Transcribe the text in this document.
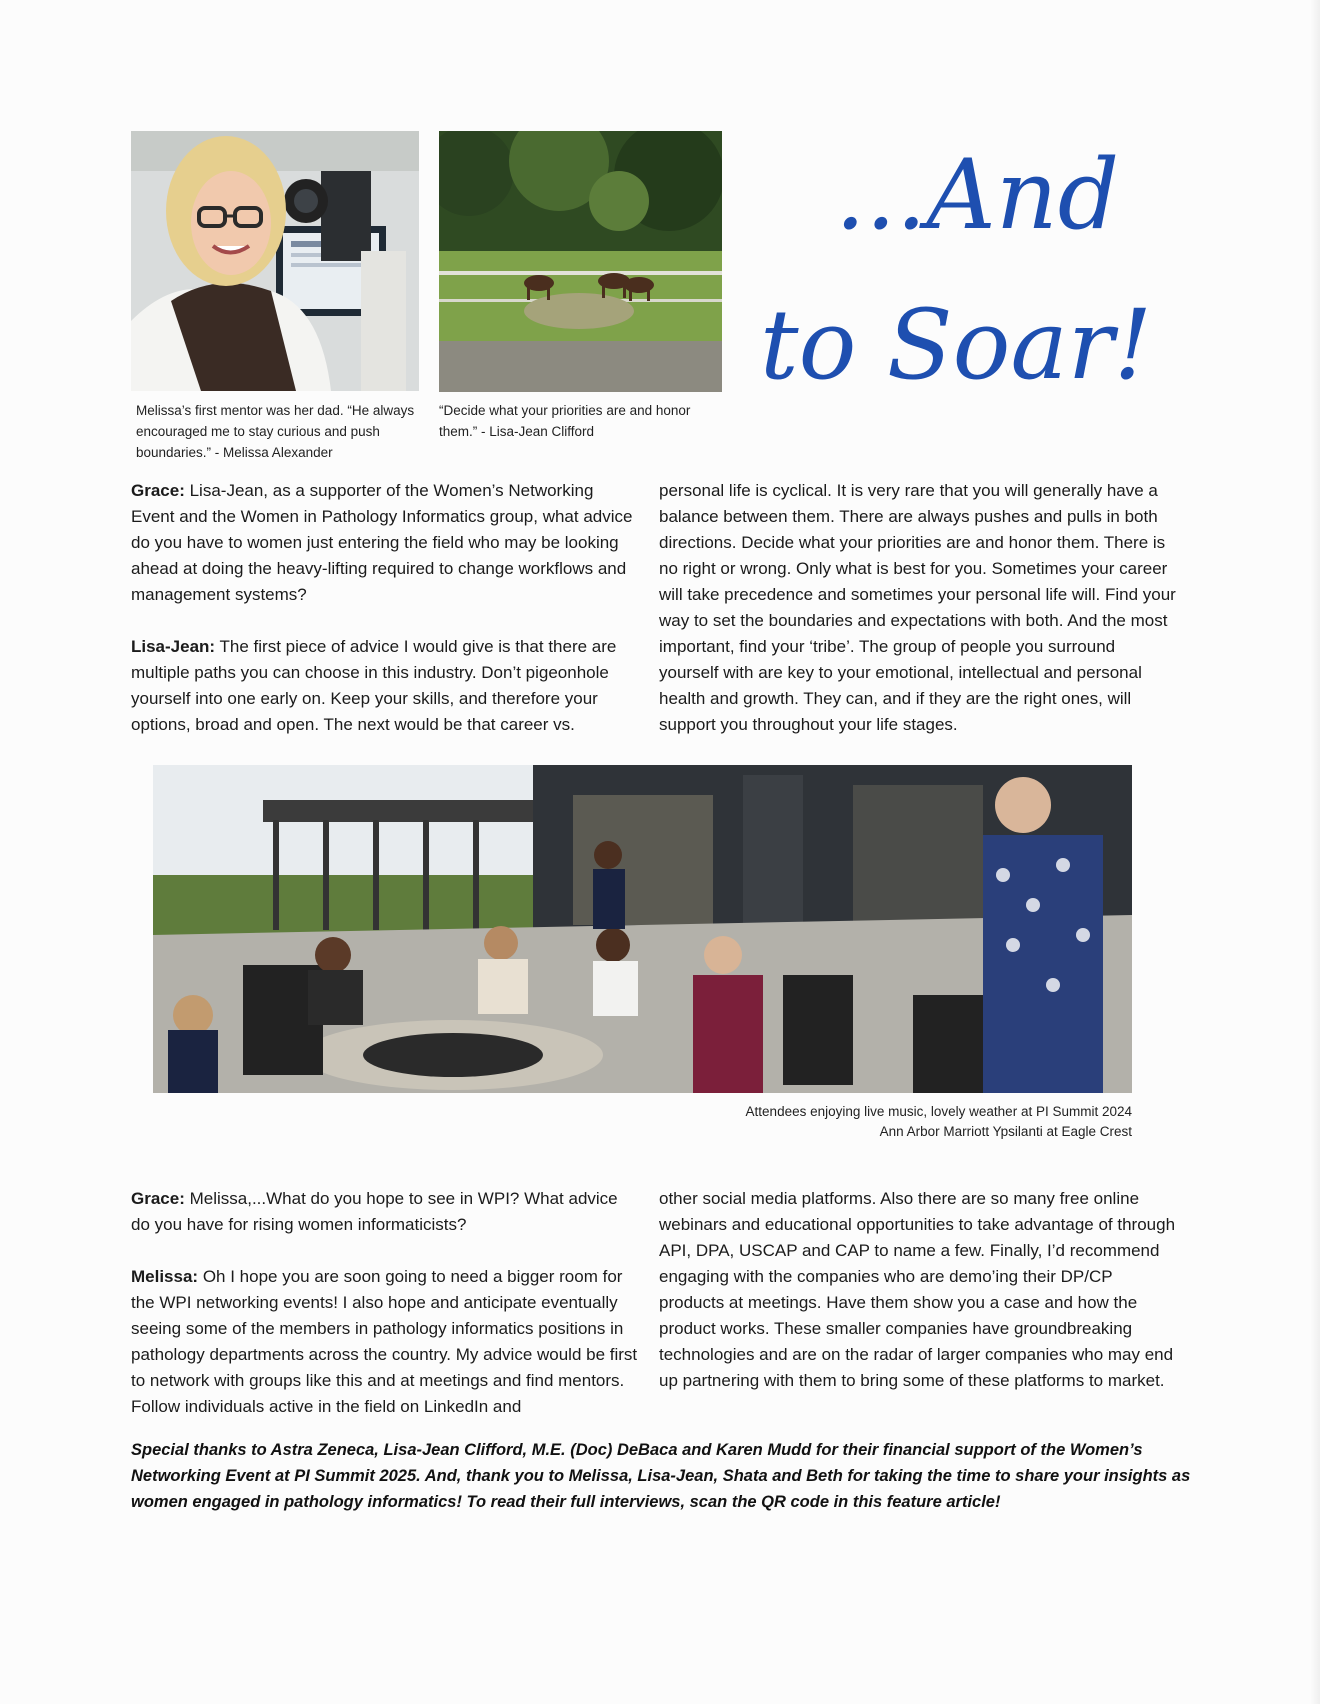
Melissa’s first mentor was her dad. “He always encouraged me to stay curious and push boundaries.” - Melissa Alexander
“Decide what your priorities are and honor them.” - Lisa-Jean Clifford
...And
to Soar!

Grace: Lisa-Jean, as a supporter of the Women’s Networking Event and the Women in Pathology Informatics group, what advice do you have to women just entering the field who may be looking ahead at doing the heavy-lifting required to change workflows and management systems?

Lisa-Jean: The first piece of advice I would give is that there are multiple paths you can choose in this industry. Don’t pigeonhole yourself into one early on. Keep your skills, and therefore your options, broad and open. The next would be that career vs.

personal life is cyclical. It is very rare that you will generally have a balance between them. There are always pushes and pulls in both directions. Decide what your priorities are and honor them. There is no right or wrong. Only what is best for you. Sometimes your career will take precedence and sometimes your personal life will. Find your way to set the boundaries and expectations with both. And the most important, find your ‘tribe’. The group of people you surround yourself with are key to your emotional, intellectual and personal health and growth. They can, and if they are the right ones, will support you throughout your life stages.

Attendees enjoying live music, lovely weather at PI Summit 2024
Ann Arbor Marriott Ypsilanti at Eagle Crest

Grace: Melissa,...What do you hope to see in WPI? What advice do you have for rising women informaticists?

Melissa: Oh I hope you are soon going to need a bigger room for the WPI networking events! I also hope and anticipate eventually seeing some of the members in pathology informatics positions in pathology departments across the country. My advice would be first to network with groups like this and at meetings and find mentors. Follow individuals active in the field on LinkedIn and

other social media platforms. Also there are so many free online webinars and educational opportunities to take advantage of through API, DPA, USCAP and CAP to name a few. Finally, I’d recommend engaging with the companies who are demo’ing their DP/CP products at meetings. Have them show you a case and how the product works. These smaller companies have groundbreaking technologies and are on the radar of larger companies who may end up partnering with them to bring some of these platforms to market.

Special thanks to Astra Zeneca, Lisa-Jean Clifford, M.E. (Doc) DeBaca and Karen Mudd for their financial support of the Women’s Networking Event at PI Summit 2025. And, thank you to Melissa, Lisa-Jean, Shata and Beth for taking the time to share your insights as women engaged in pathology informatics! To read their full interviews, scan the QR code in this feature article!
